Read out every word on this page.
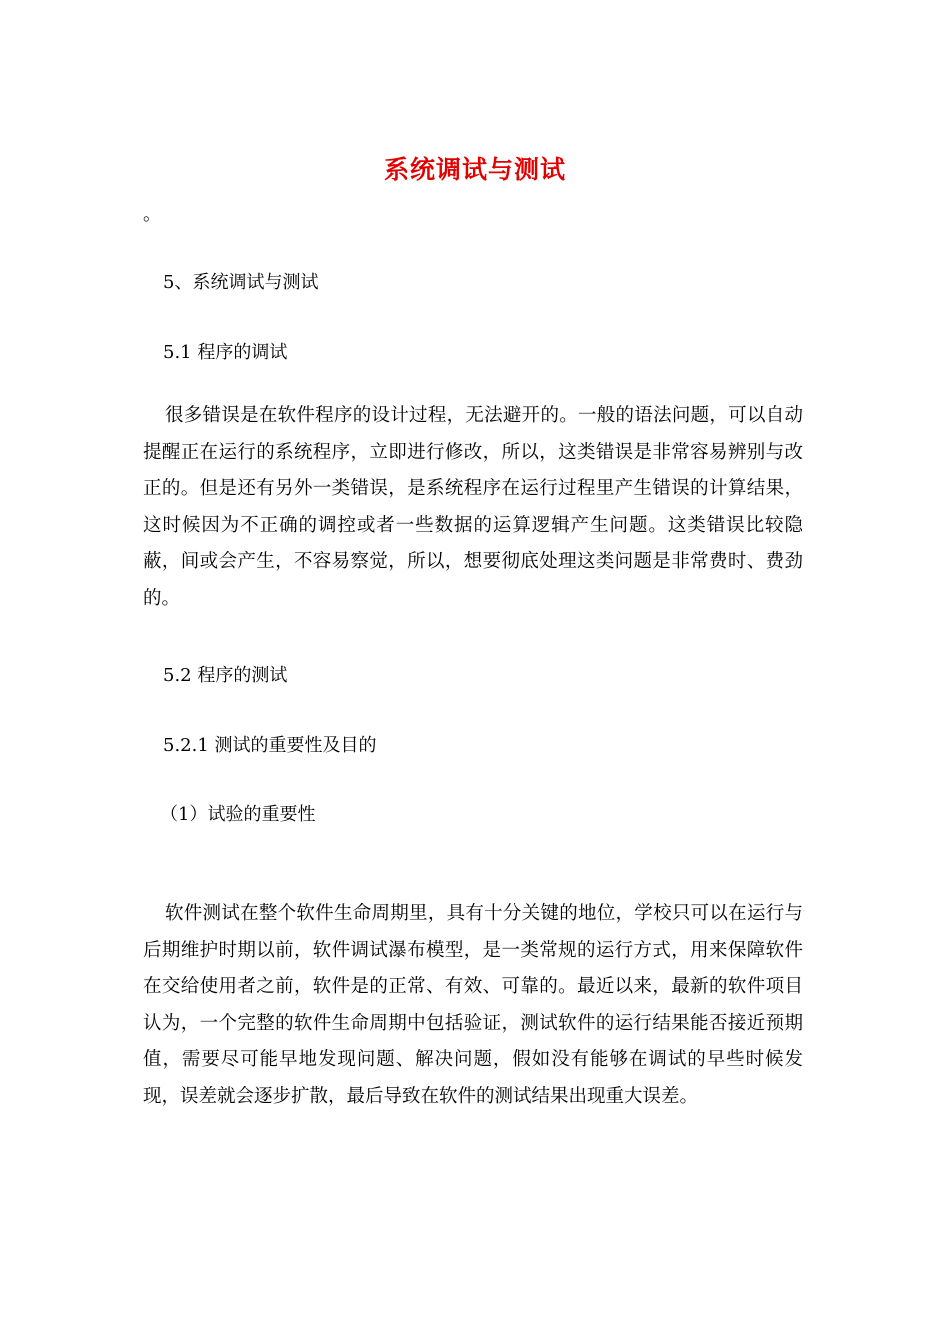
系统调试与测试

。

5、系统调试与测试

5.1 程序的调试

很多错误是在软件程序的设计过程，无法避开的。一般的语法问题，可以自动提醒正在运行的系统程序，立即进行修改，所以，这类错误是非常容易辨别与改正的。但是还有另外一类错误，是系统程序在运行过程里产生错误的计算结果，这时候因为不正确的调控或者一些数据的运算逻辑产生问题。这类错误比较隐蔽，间或会产生，不容易察觉，所以，想要彻底处理这类问题是非常费时、费劲的。

5.2 程序的测试

5.2.1 测试的重要性及目的

（1）试验的重要性

软件测试在整个软件生命周期里，具有十分关键的地位，学校只可以在运行与后期维护时期以前，软件调试瀑布模型，是一类常规的运行方式，用来保障软件在交给使用者之前，软件是的正常、有效、可靠的。最近以来，最新的软件项目认为，一个完整的软件生命周期中包括验证，测试软件的运行结果能否接近预期值，需要尽可能早地发现问题、解决问题，假如没有能够在调试的早些时候发现，误差就会逐步扩散，最后导致在软件的测试结果出现重大误差。
